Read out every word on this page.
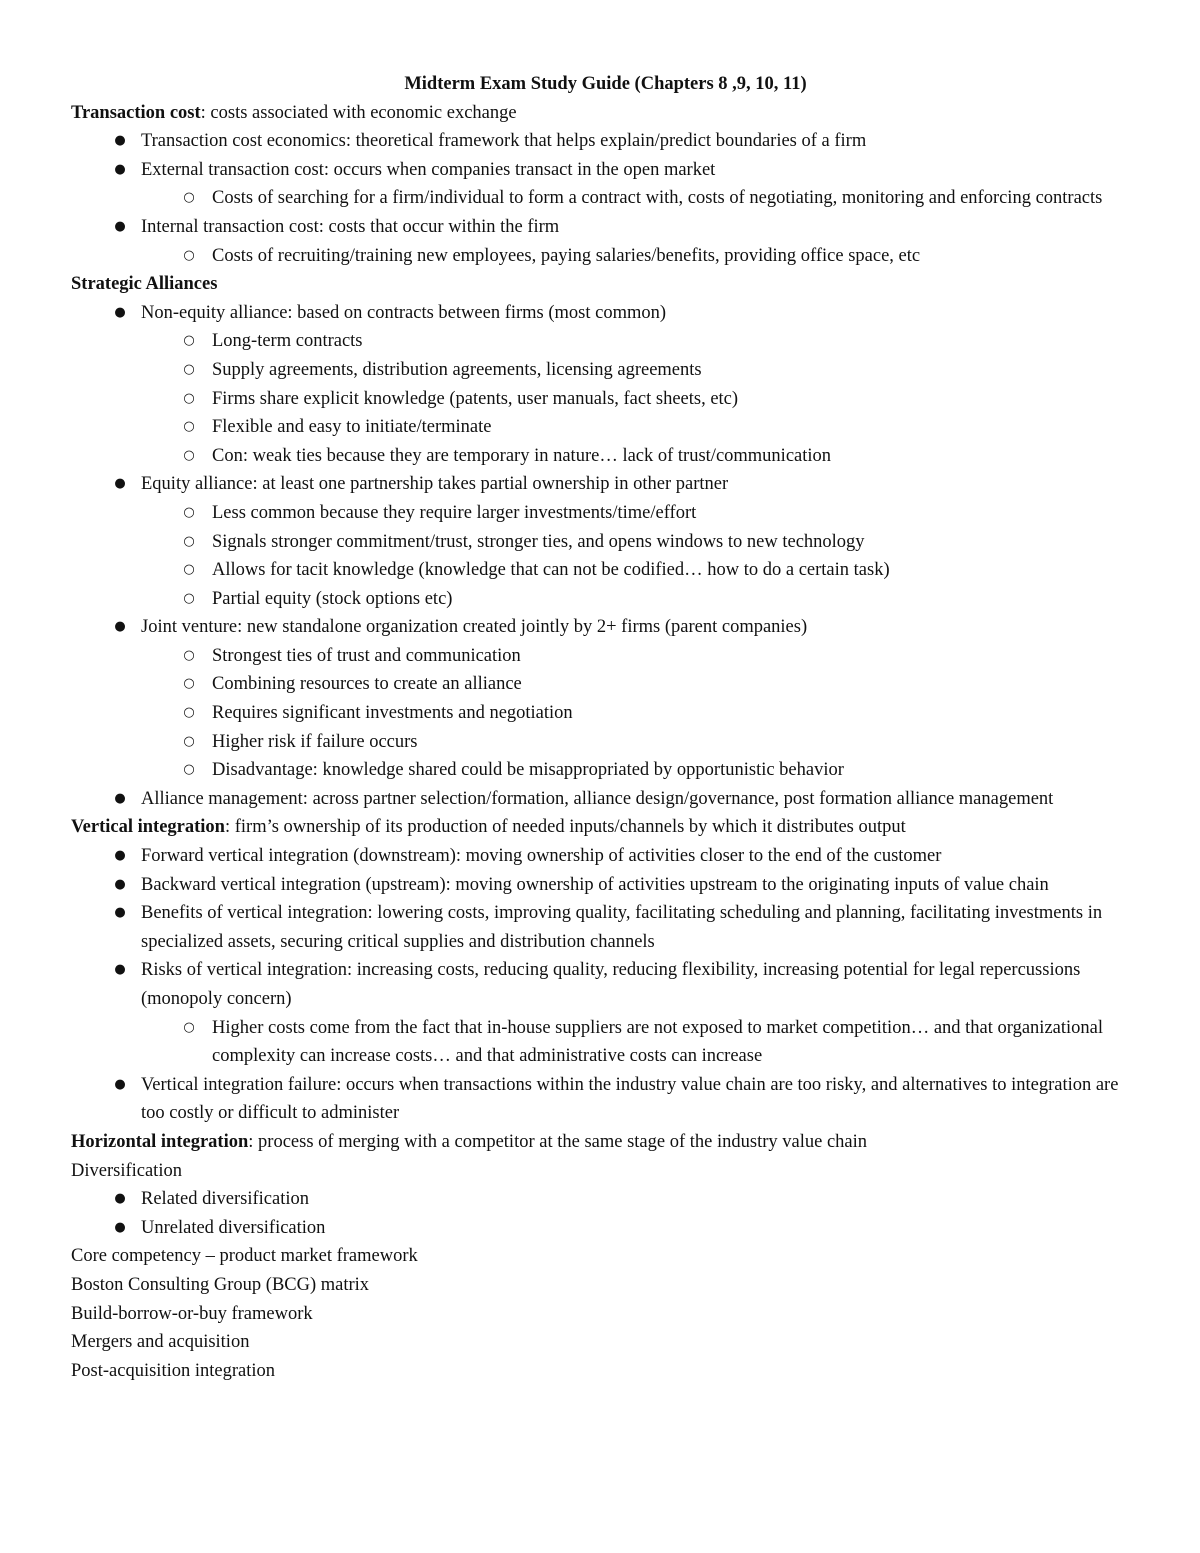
Midterm Exam Study Guide (Chapters 8 ,9, 10, 11)

Transaction cost: costs associated with economic exchange

● Transaction cost economics: theoretical framework that helps explain/predict boundaries of a firm
● External transaction cost: occurs when companies transact in the open market
○ Costs of searching for a firm/individual to form a contract with, costs of negotiating, monitoring and enforcing contracts
● Internal transaction cost: costs that occur within the firm
○ Costs of recruiting/training new employees, paying salaries/benefits, providing office space, etc

Strategic Alliances

● Non-equity alliance: based on contracts between firms (most common)
○ Long-term contracts
○ Supply agreements, distribution agreements, licensing agreements
○ Firms share explicit knowledge (patents, user manuals, fact sheets, etc)
○ Flexible and easy to initiate/terminate
○ Con: weak ties because they are temporary in nature… lack of trust/communication
● Equity alliance: at least one partnership takes partial ownership in other partner
○ Less common because they require larger investments/time/effort
○ Signals stronger commitment/trust, stronger ties, and opens windows to new technology
○ Allows for tacit knowledge (knowledge that can not be codified… how to do a certain task)
○ Partial equity (stock options etc)
● Joint venture: new standalone organization created jointly by 2+ firms (parent companies)
○ Strongest ties of trust and communication
○ Combining resources to create an alliance
○ Requires significant investments and negotiation
○ Higher risk if failure occurs
○ Disadvantage: knowledge shared could be misappropriated by opportunistic behavior
● Alliance management: across partner selection/formation, alliance design/governance, post formation alliance management

Vertical integration: firm’s ownership of its production of needed inputs/channels by which it distributes output

● Forward vertical integration (downstream): moving ownership of activities closer to the end of the customer
● Backward vertical integration (upstream): moving ownership of activities upstream to the originating inputs of value chain
● Benefits of vertical integration: lowering costs, improving quality, facilitating scheduling and planning, facilitating investments in specialized assets, securing critical supplies and distribution channels
● Risks of vertical integration: increasing costs, reducing quality, reducing flexibility, increasing potential for legal repercussions (monopoly concern)
○ Higher costs come from the fact that in-house suppliers are not exposed to market competition… and that organizational complexity can increase costs… and that administrative costs can increase
● Vertical integration failure: occurs when transactions within the industry value chain are too risky, and alternatives to integration are too costly or difficult to administer

Horizontal integration: process of merging with a competitor at the same stage of the industry value chain

Diversification

● Related diversification
● Unrelated diversification

Core competency – product market framework

Boston Consulting Group (BCG) matrix

Build-borrow-or-buy framework

Mergers and acquisition

Post-acquisition integration
